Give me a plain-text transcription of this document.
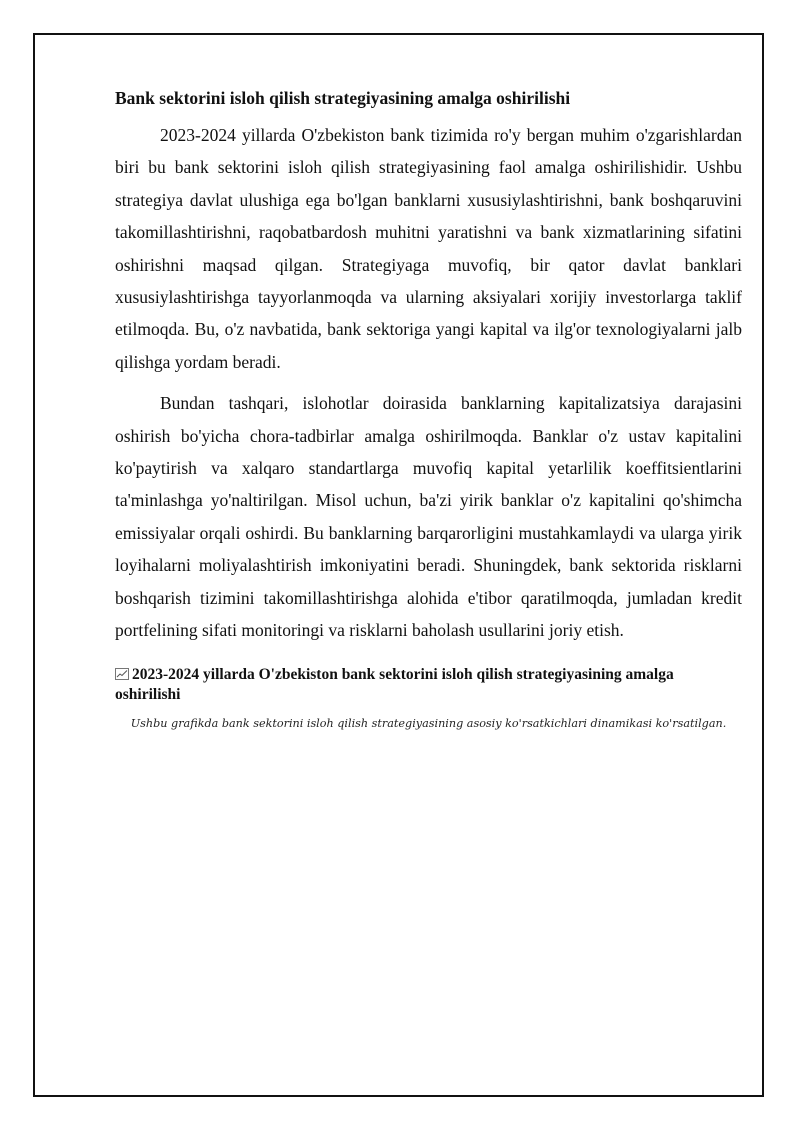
Bank sektorini isloh qilish strategiyasining amalga oshirilishi

2023-2024 yillarda O'zbekiston bank tizimida ro'y bergan muhim o'zgarishlardan biri bu bank sektorini isloh qilish strategiyasining faol amalga oshirilishidir. Ushbu strategiya davlat ulushiga ega bo'lgan banklarni xususiylashtirishni, bank boshqaruvini takomillashtirishni, raqobatbardosh muhitni yaratishni va bank xizmatlarining sifatini oshirishni maqsad qilgan. Strategiyaga muvofiq, bir qator davlat banklari xususiylashtirishga tayyorlanmoqda va ularning aksiyalari xorijiy investorlarga taklif etilmoqda. Bu, o'z navbatida, bank sektoriga yangi kapital va ilg'or texnologiyalarni jalb qilishga yordam beradi.

Bundan tashqari, islohotlar doirasida banklarning kapitalizatsiya darajasini oshirish bo'yicha chora-tadbirlar amalga oshirilmoqda. Banklar o'z ustav kapitalini ko'paytirish va xalqaro standartlarga muvofiq kapital yetarlilik koeffitsientlarini ta'minlashga yo'naltirilgan. Misol uchun, ba'zi yirik banklar o'z kapitalini qo'shimcha emissiyalar orqali oshirdi. Bu banklarning barqarorligini mustahkamlaydi va ularga yirik loyihalarni moliyalashtirish imkoniyatini beradi. Shuningdek, bank sektorida risklarni boshqarish tizimini takomillashtirishga alohida e'tibor qaratilmoqda, jumladan kredit portfelining sifati monitoringi va risklarni baholash usullarini joriy etish.

2023-2024 yillarda O'zbekiston bank sektorini isloh qilish strategiyasining amalga oshirilishi
Ushbu grafikda bank sektorini isloh qilish strategiyasining asosiy ko'rsatkichlari dinamikasi ko'rsatilgan.
